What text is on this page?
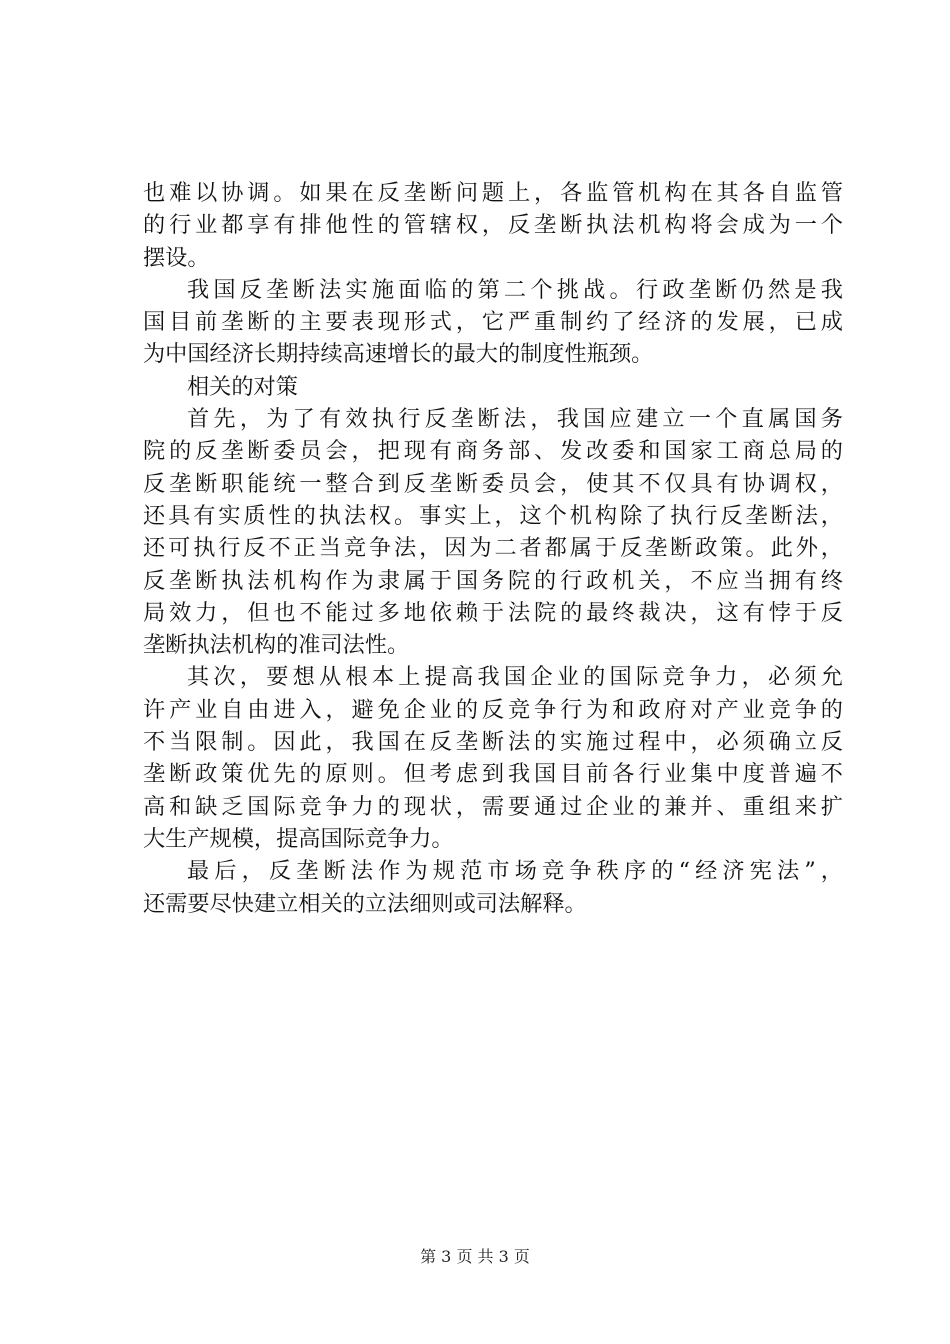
也难以协调。如果在反垄断问题上，各监管机构在其各自监管
的行业都享有排他性的管辖权，反垄断执法机构将会成为一个
摆设。
我国反垄断法实施面临的第二个挑战。行政垄断仍然是我
国目前垄断的主要表现形式，它严重制约了经济的发展，已成
为中国经济长期持续高速增长的最大的制度性瓶颈。
相关的对策
首先，为了有效执行反垄断法，我国应建立一个直属国务
院的反垄断委员会，把现有商务部、发改委和国家工商总局的
反垄断职能统一整合到反垄断委员会，使其不仅具有协调权，
还具有实质性的执法权。事实上，这个机构除了执行反垄断法，
还可执行反不正当竞争法，因为二者都属于反垄断政策。此外，
反垄断执法机构作为隶属于国务院的行政机关，不应当拥有终
局效力，但也不能过多地依赖于法院的最终裁决，这有悖于反
垄断执法机构的准司法性。
其次，要想从根本上提高我国企业的国际竞争力，必须允
许产业自由进入，避免企业的反竞争行为和政府对产业竞争的
不当限制。因此，我国在反垄断法的实施过程中，必须确立反
垄断政策优先的原则。但考虑到我国目前各行业集中度普遍不
高和缺乏国际竞争力的现状，需要通过企业的兼并、重组来扩
大生产规模，提高国际竞争力。
最后，反垄断法作为规范市场竞争秩序的“经济宪法”，
还需要尽快建立相关的立法细则或司法解释。
第 3 页 共 3 页
